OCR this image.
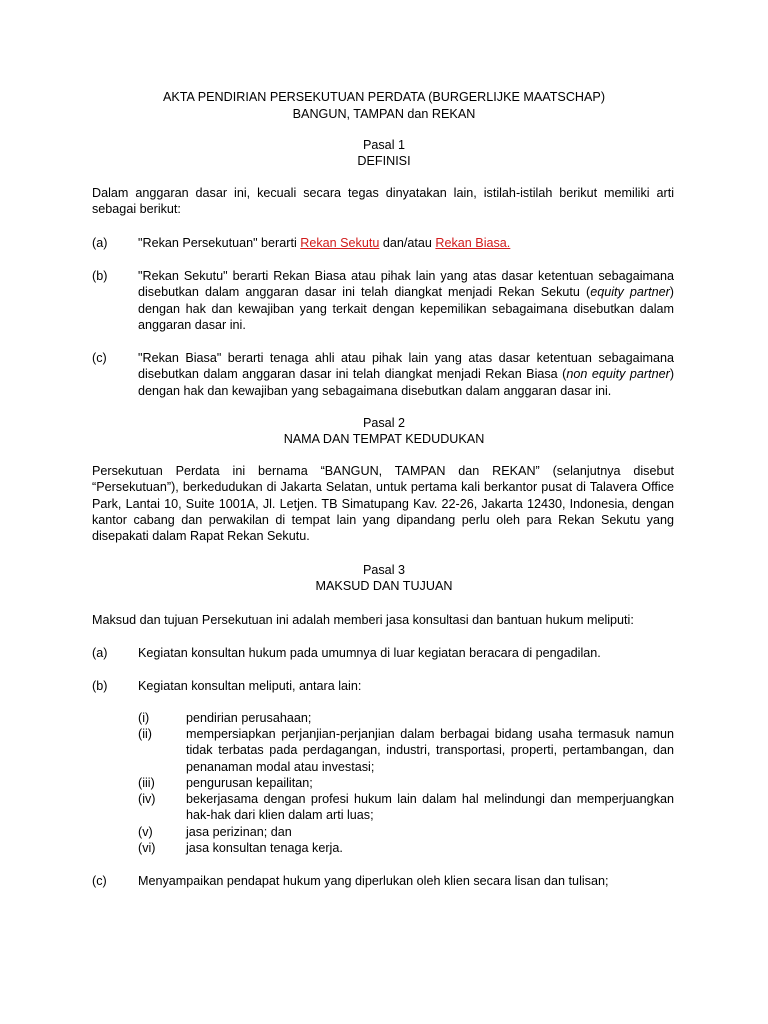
AKTA PENDIRIAN PERSEKUTUAN PERDATA (BURGERLIJKE MAATSCHAP)
BANGUN, TAMPAN dan REKAN
Pasal 1
DEFINISI
Dalam anggaran dasar ini, kecuali secara tegas dinyatakan lain, istilah-istilah berikut memiliki arti sebagai berikut:
(a) "Rekan Persekutuan" berarti Rekan Sekutu dan/atau Rekan Biasa.
(b) "Rekan Sekutu" berarti Rekan Biasa atau pihak lain yang atas dasar ketentuan sebagaimana disebutkan dalam anggaran dasar ini telah diangkat menjadi Rekan Sekutu (equity partner) dengan hak dan kewajiban yang terkait dengan kepemilikan sebagaimana disebutkan dalam anggaran dasar ini.
(c) "Rekan Biasa" berarti tenaga ahli atau pihak lain yang atas dasar ketentuan sebagaimana disebutkan dalam anggaran dasar ini telah diangkat menjadi Rekan Biasa (non equity partner) dengan hak dan kewajiban yang sebagaimana disebutkan dalam anggaran dasar ini.
Pasal 2
NAMA DAN TEMPAT KEDUDUKAN
Persekutuan Perdata ini bernama “BANGUN, TAMPAN dan REKAN” (selanjutnya disebut “Persekutuan”), berkedudukan di Jakarta Selatan, untuk pertama kali berkantor pusat di Talavera Office Park, Lantai 10, Suite 1001A, Jl. Letjen. TB Simatupang Kav. 22-26, Jakarta 12430, Indonesia, dengan kantor cabang dan perwakilan di tempat lain yang dipandang perlu oleh para Rekan Sekutu yang disepakati dalam Rapat Rekan Sekutu.
Pasal 3
MAKSUD DAN TUJUAN
Maksud dan tujuan Persekutuan ini adalah memberi jasa konsultasi dan bantuan hukum meliputi:
(a) Kegiatan konsultan hukum pada umumnya di luar kegiatan beracara di pengadilan.
(b) Kegiatan konsultan meliputi, antara lain:
(i)	pendirian perusahaan;
(ii)	mempersiapkan perjanjian-perjanjian dalam berbagai bidang usaha termasuk namun tidak terbatas pada perdagangan, industri, transportasi, properti, pertambangan, dan penanaman modal atau investasi;
(iii) pengurusan kepailitan;
(iv) bekerjasama dengan profesi hukum lain dalam hal melindungi dan memperjuangkan hak-hak dari klien dalam arti luas;
(v)	jasa perizinan; dan
(vi) jasa konsultan tenaga kerja.
(c) Menyampaikan pendapat hukum yang diperlukan oleh klien secara lisan dan tulisan;
